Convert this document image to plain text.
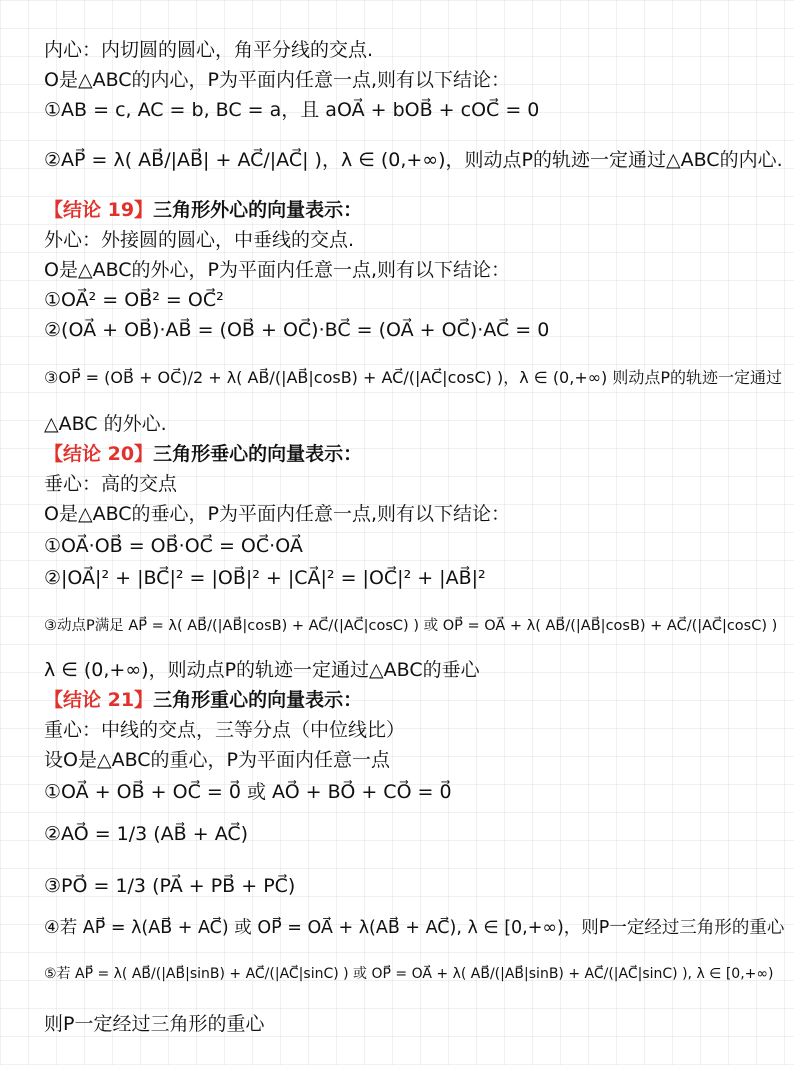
内心：内切圆的圆心，角平分线的交点.
O是△ABC的内心，P为平面内任意一点,则有以下结论：
①AB = c, AC = b, BC = a，且 aOA⃗ + bOB⃗ + cOC⃗ = 0
②AP⃗ = λ( AB⃗/|AB⃗| + AC⃗/|AC⃗| )，λ ∈ (0,+∞)，则动点P的轨迹一定通过△ABC的内心.
【结论 19】三角形外心的向量表示：
外心：外接圆的圆心，中垂线的交点.
O是△ABC的外心，P为平面内任意一点,则有以下结论：
①OA⃗² = OB⃗² = OC⃗²
②(OA⃗ + OB⃗)·AB⃗ = (OB⃗ + OC⃗)·BC⃗ = (OA⃗ + OC⃗)·AC⃗ = 0
③OP⃗ = (OB⃗ + OC⃗)/2 + λ( AB⃗/(|AB⃗|cosB) + AC⃗/(|AC⃗|cosC) )，λ ∈ (0,+∞) 则动点P的轨迹一定通过
△ABC 的外心.
【结论 20】三角形垂心的向量表示：
垂心：高的交点
O是△ABC的垂心，P为平面内任意一点,则有以下结论：
①OA⃗·OB⃗ = OB⃗·OC⃗ = OC⃗·OA⃗
②|OA⃗|² + |BC⃗|² = |OB⃗|² + |CA⃗|² = |OC⃗|² + |AB⃗|²
③动点P满足 AP⃗ = λ( AB⃗/(|AB⃗|cosB) + AC⃗/(|AC⃗|cosC) ) 或 OP⃗ = OA⃗ + λ( AB⃗/(|AB⃗|cosB) + AC⃗/(|AC⃗|cosC) )
λ ∈ (0,+∞)，则动点P的轨迹一定通过△ABC的垂心
【结论 21】三角形重心的向量表示：
重心：中线的交点，三等分点（中位线比）
设O是△ABC的重心，P为平面内任意一点
①OA⃗ + OB⃗ + OC⃗ = 0⃗ 或 AO⃗ + BO⃗ + CO⃗ = 0⃗
②AO⃗ = 1/3 (AB⃗ + AC⃗)
③PO⃗ = 1/3 (PA⃗ + PB⃗ + PC⃗)
④若 AP⃗ = λ(AB⃗ + AC⃗) 或 OP⃗ = OA⃗ + λ(AB⃗ + AC⃗), λ ∈ [0,+∞)，则P一定经过三角形的重心
⑤若 AP⃗ = λ( AB⃗/(|AB⃗|sinB) + AC⃗/(|AC⃗|sinC) ) 或 OP⃗ = OA⃗ + λ( AB⃗/(|AB⃗|sinB) + AC⃗/(|AC⃗|sinC) ), λ ∈ [0,+∞)
则P一定经过三角形的重心
